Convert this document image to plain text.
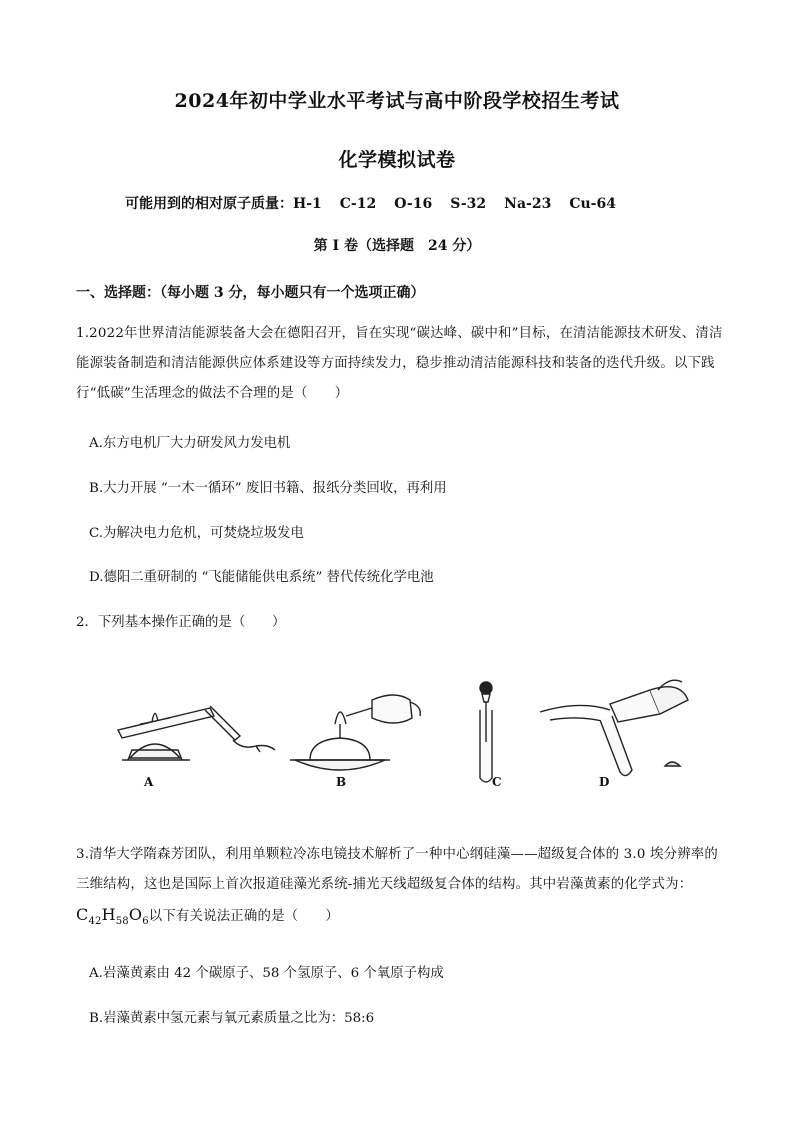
2024年初中学业水平考试与高中阶段学校招生考试
化学模拟试卷
可能用到的相对原子质量：H-1 C-12 O-16 S-32 Na-23 Cu-64
第 I 卷（选择题　24 分）
一、选择题：（每小题 3 分，每小题只有一个选项正确）
1.2022年世界清洁能源装备大会在德阳召开，旨在实现“碳达峰、碳中和”目标，在清洁能源技术研发、清洁能源装备制造和清洁能源供应体系建设等方面持续发力，稳步推动清洁能源科技和装备的迭代升级。以下践行“低碳”生活理念的做法不合理的是（　　）
A.东方电机厂大力研发风力发电机
B.大力开展 “一木一循环” 废旧书籍、报纸分类回收，再利用
C.为解决电力危机，可焚烧垃圾发电
D.德阳二重研制的 “飞能储能供电系统” 替代传统化学电池
2．下列基本操作正确的是（　　）
A	B	C	D
3.清华大学隋森芳团队，利用单颗粒冷冻电镜技术解析了一种中心纲硅藻——超级复合体的 3.0 埃分辨率的三维结构，这也是国际上首次报道硅藻光系统-捕光天线超级复合体的结构。其中岩藻黄素的化学式为：
$C_{42}H_{58}O_6$以下有关说法正确的是（　　）
A.岩藻黄素由 42 个碳原子、58 个氢原子、6 个氧原子构成
B.岩藻黄素中氢元素与氧元素质量之比为：58:6
